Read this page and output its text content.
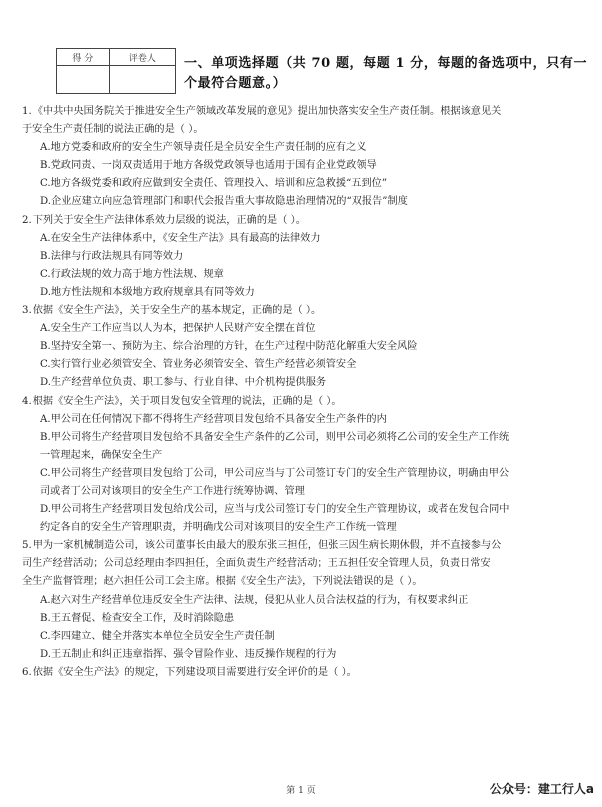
得 分	评卷人
	一、单项选择题（共 70 题，每题 1 分，每题的备选项中，只有一个最符合题意。）
1.《中共中央国务院关于推进安全生产领域改革发展的意见》提出加快落实安全生产责任制。根据该意见关
于安全生产责任制的说法正确的是（ ）。
A.地方党委和政府的安全生产领导责任是全员安全生产责任制的应有之义
B.党政同责、一岗双责适用于地方各级党政领导也适用于国有企业党政领导
C.地方各级党委和政府应做到安全责任、管理投入、培训和应急救援“五到位”
D.企业应建立向应急管理部门和职代会报告重大事故隐患治理情况的“双报告”制度
2.下列关于安全生产法律体系效力层级的说法，正确的是（ ）。
A.在安全生产法律体系中，《安全生产法》具有最高的法律效力
B.法律与行政法规具有同等效力
C.行政法规的效力高于地方性法规、规章
D.地方性法规和本级地方政府规章具有同等效力
3.依据《安全生产法》，关于安全生产的基本规定，正确的是（ ）。
A.安全生产工作应当以人为本，把保护人民财产安全摆在首位
B.坚持安全第一、预防为主、综合治理的方针，在生产过程中防范化解重大安全风险
C.实行管行业必须管安全、管业务必须管安全、管生产经营必须管安全
D.生产经营单位负责、职工参与、行业自律、中介机构提供服务
4.根据《安全生产法》，关于项目发包安全管理的说法，正确的是（ ）。
A.甲公司在任何情况下都不得将生产经营项目发包给不具备安全生产条件的内
B.甲公司将生产经营项目发包给不具备安全生产条件的乙公司，则甲公司必须将乙公司的安全生产工作统
一管理起来，确保安全生产
C.甲公司将生产经营项目发包给丁公司，甲公司应当与丁公司签订专门的安全生产管理协议，明确由甲公
司或者丁公司对该项目的安全生产工作进行统筹协调、管理
D.甲公司将生产经营项目发包给戊公司，应当与戊公司签订专门的安全生产管理协议，或者在发包合同中
约定各自的安全生产管理职责，并明确戊公司对该项目的安全生产工作统一管理
5.甲为一家机械制造公司，该公司董事长由最大的股东张三担任，但张三因生病长期休假，并不直接参与公
司生产经营活动；公司总经理由李四担任，全面负责生产经营活动；王五担任安全管理人员，负责日常安
全生产监督管理；赵六担任公司工会主席。根据《安全生产法》，下列说法错误的是（ ）。
A.赵六对生产经营单位违反安全生产法律、法规，侵犯从业人员合法权益的行为，有权要求纠正
B.王五督促、检查安全工作，及时消除隐患
C.李四建立、健全并落实本单位全员安全生产责任制
D.王五制止和纠正违章指挥、强令冒险作业、违反操作规程的行为
6.依据《安全生产法》的规定，下列建设项目需要进行安全评价的是（ ）。
第 1 页	公众号：建工行人a
